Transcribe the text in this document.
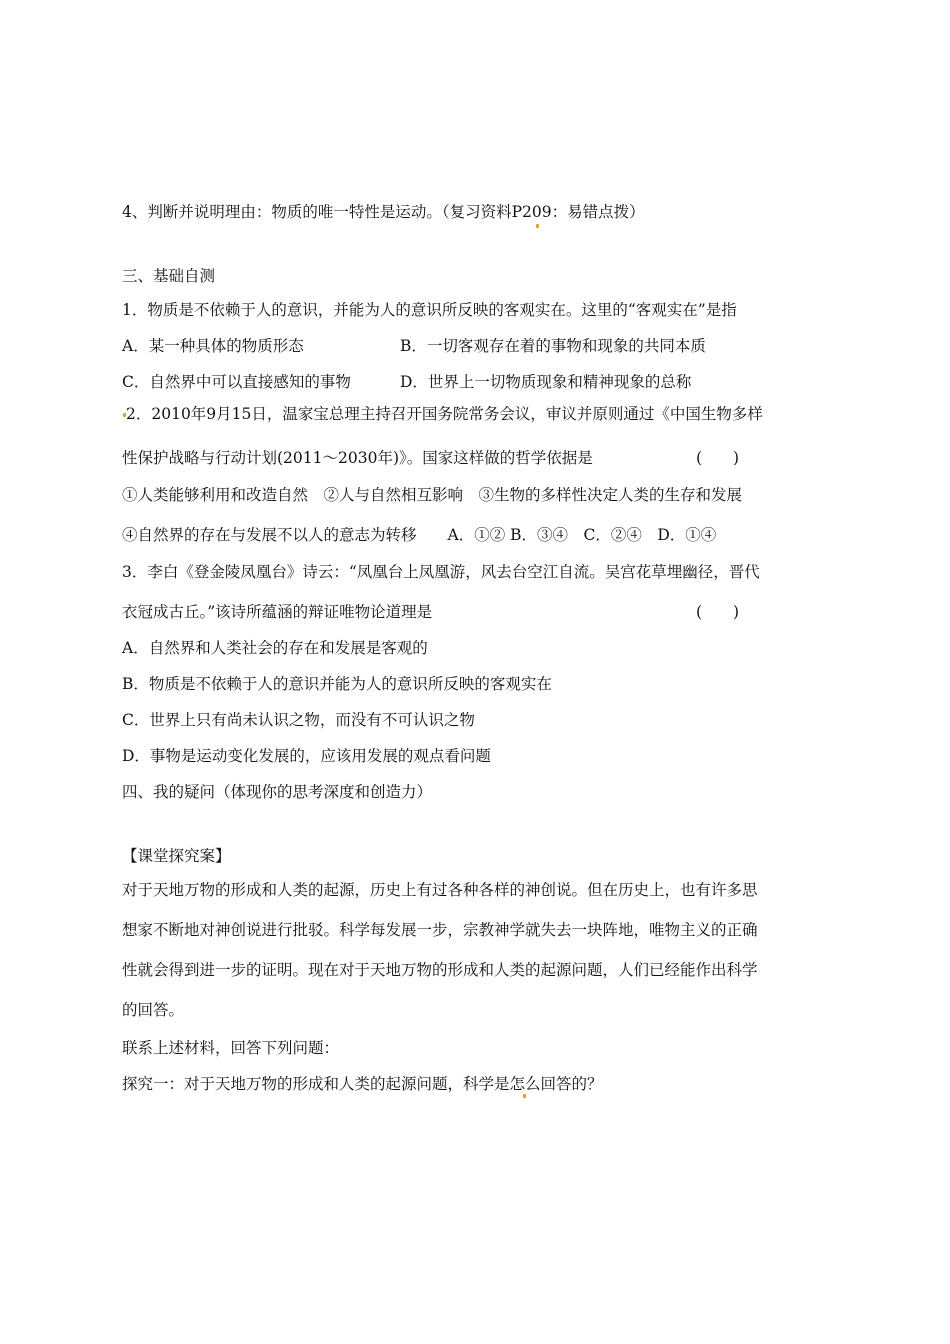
4、判断并说明理由：物质的唯一特性是运动。（复习资料P209：易错点拨）
三、基础自测
1．物质是不依赖于人的意识，并能为人的意识所反映的客观实在。这里的“客观实在”是指
A．某一种具体的物质形态	B．一切客观存在着的事物和现象的共同本质
C．自然界中可以直接感知的事物	D．世界上一切物质现象和精神现象的总称
2．2010年9月15日，温家宝总理主持召开国务院常务会议，审议并原则通过《中国生物多样
性保护战略与行动计划(2011～2030年)》。国家这样做的哲学依据是	(　　)
①人类能够利用和改造自然　②人与自然相互影响　③生物的多样性决定人类的生存和发展
④自然界的存在与发展不以人的意志为转移　　A．①② B．③④　C．②④　D．①④
3．李白《登金陵凤凰台》诗云：“凤凰台上凤凰游，风去台空江自流。吴宫花草埋幽径，晋代
衣冠成古丘。”该诗所蕴涵的辩证唯物论道理是	(　　)
A．自然界和人类社会的存在和发展是客观的
B．物质是不依赖于人的意识并能为人的意识所反映的客观实在
C．世界上只有尚未认识之物，而没有不可认识之物
D．事物是运动变化发展的，应该用发展的观点看问题
四、我的疑问（体现你的思考深度和创造力）
【课堂探究案】
对于天地万物的形成和人类的起源，历史上有过各种各样的神创说。但在历史上，也有许多思
想家不断地对神创说进行批驳。科学每发展一步，宗教神学就失去一块阵地，唯物主义的正确
性就会得到进一步的证明。现在对于天地万物的形成和人类的起源问题，人们已经能作出科学
的回答。
联系上述材料，回答下列问题：
探究一：对于天地万物的形成和人类的起源问题，科学是怎么回答的？
